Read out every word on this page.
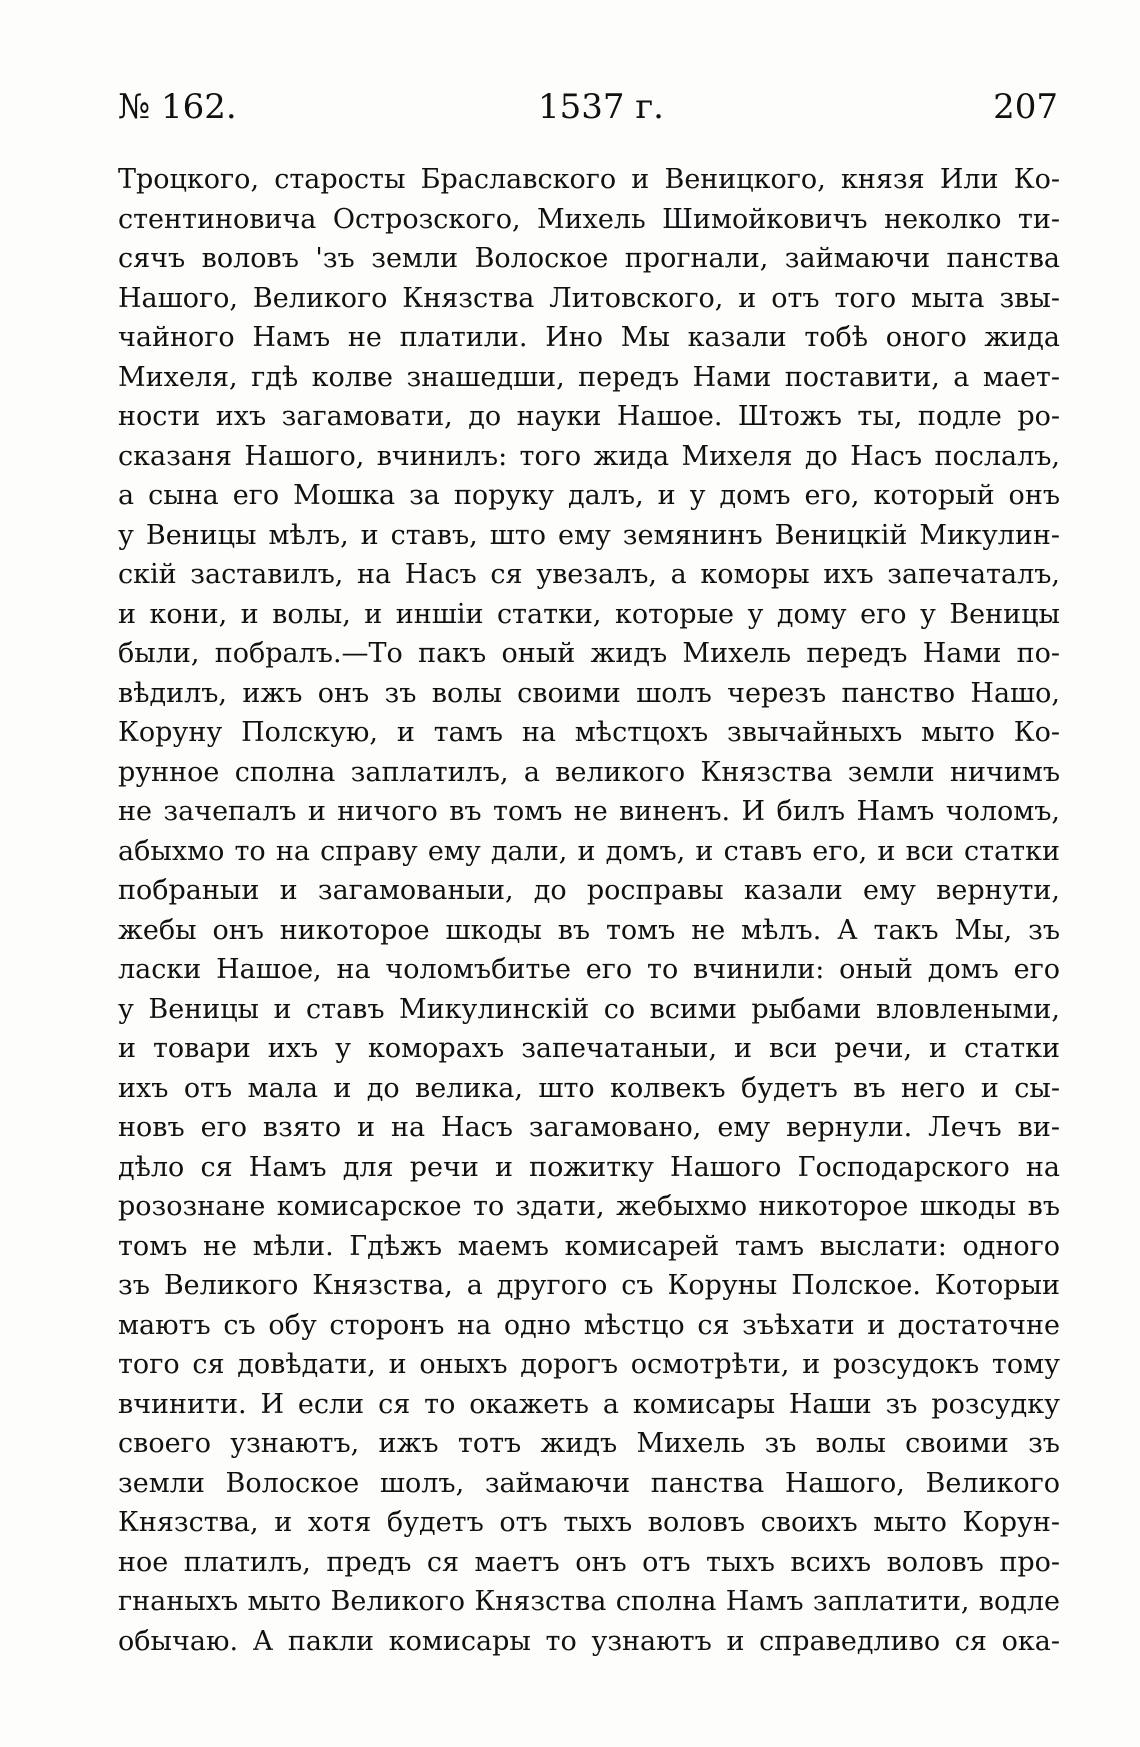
№ 162.	1537 г.	207
Троцкого, старосты Браславского и Веницкого, князя Или Ко-
стентиновича Острозского, Михель Шимойковичъ неколко ти-
сячъ воловъ 'зъ земли Волоское прогнали, займаючи панства
Нашого, Великого Князства Литовского, и отъ того мыта звы-
чайного Намъ не платили. Ино Мы казали тобѣ оного жида
Михеля, гдѣ колве знашедши, передъ Нами поставити, а мает-
ности ихъ загамовати, до науки Нашое. Штожъ ты, подле ро-
сказаня Нашого, вчинилъ: того жида Михеля до Насъ послалъ,
а сына его Мошка за поруку далъ, и у домъ его, который онъ
у Веницы мѣлъ, и ставъ, што ему земянинъ Веницкій Микулин-
скій заставилъ, на Насъ ся увезалъ, а коморы ихъ запечаталъ,
и кони, и волы, и иншіи статки, которые у дому его у Веницы
были, побралъ.—То пакъ оный жидъ Михель передъ Нами по-
вѣдилъ, ижъ онъ зъ волы своими шолъ черезъ панство Нашо,
Коруну Полскую, и тамъ на мѣстцохъ звычайныхъ мыто Ко-
рунное сполна заплатилъ, а великого Князства земли ничимъ
не зачепалъ и ничого въ томъ не виненъ. И билъ Намъ чоломъ,
абыхмо то на справу ему дали, и домъ, и ставъ его, и вси статки
побраныи и загамованыи, до росправы казали ему вернути,
жебы онъ никоторое шкоды въ томъ не мѣлъ. А такъ Мы, зъ
ласки Нашое, на чоломъбитье его то вчинили: оный домъ его
у Веницы и ставъ Микулинскій со всими рыбами вловлеными,
и товари ихъ у коморахъ запечатаныи, и вси речи, и статки
ихъ отъ мала и до велика, што колвекъ будетъ въ него и сы-
новъ его взято и на Насъ загамовано, ему вернули. Лечъ ви-
дѣло ся Намъ для речи и пожитку Нашого Господарского на
розознане комисарское то здати, жебыхмо никоторое шкоды въ
томъ не мѣли. Гдѣжъ маемъ комисарей тамъ выслати: одного
зъ Великого Князства, а другого съ Коруны Полское. Которыи
маютъ съ обу сторонъ на одно мѣстцо ся зъѣхати и достаточне
того ся довѣдати, и оныхъ дорогъ осмотрѣти, и розсудокъ тому
вчинити. И если ся то окажеть а комисары Наши зъ розсудку
своего узнаютъ, ижъ тотъ жидъ Михель зъ волы своими зъ
земли Волоское шолъ, займаючи панства Нашого, Великого
Князства, и хотя будетъ отъ тыхъ воловъ своихъ мыто Корун-
ное платилъ, предъ ся маетъ онъ отъ тыхъ всихъ воловъ про-
гнаныхъ мыто Великого Князства сполна Намъ заплатити, водле
обычаю. А пакли комисары то узнаютъ и справедливо ся ока-
